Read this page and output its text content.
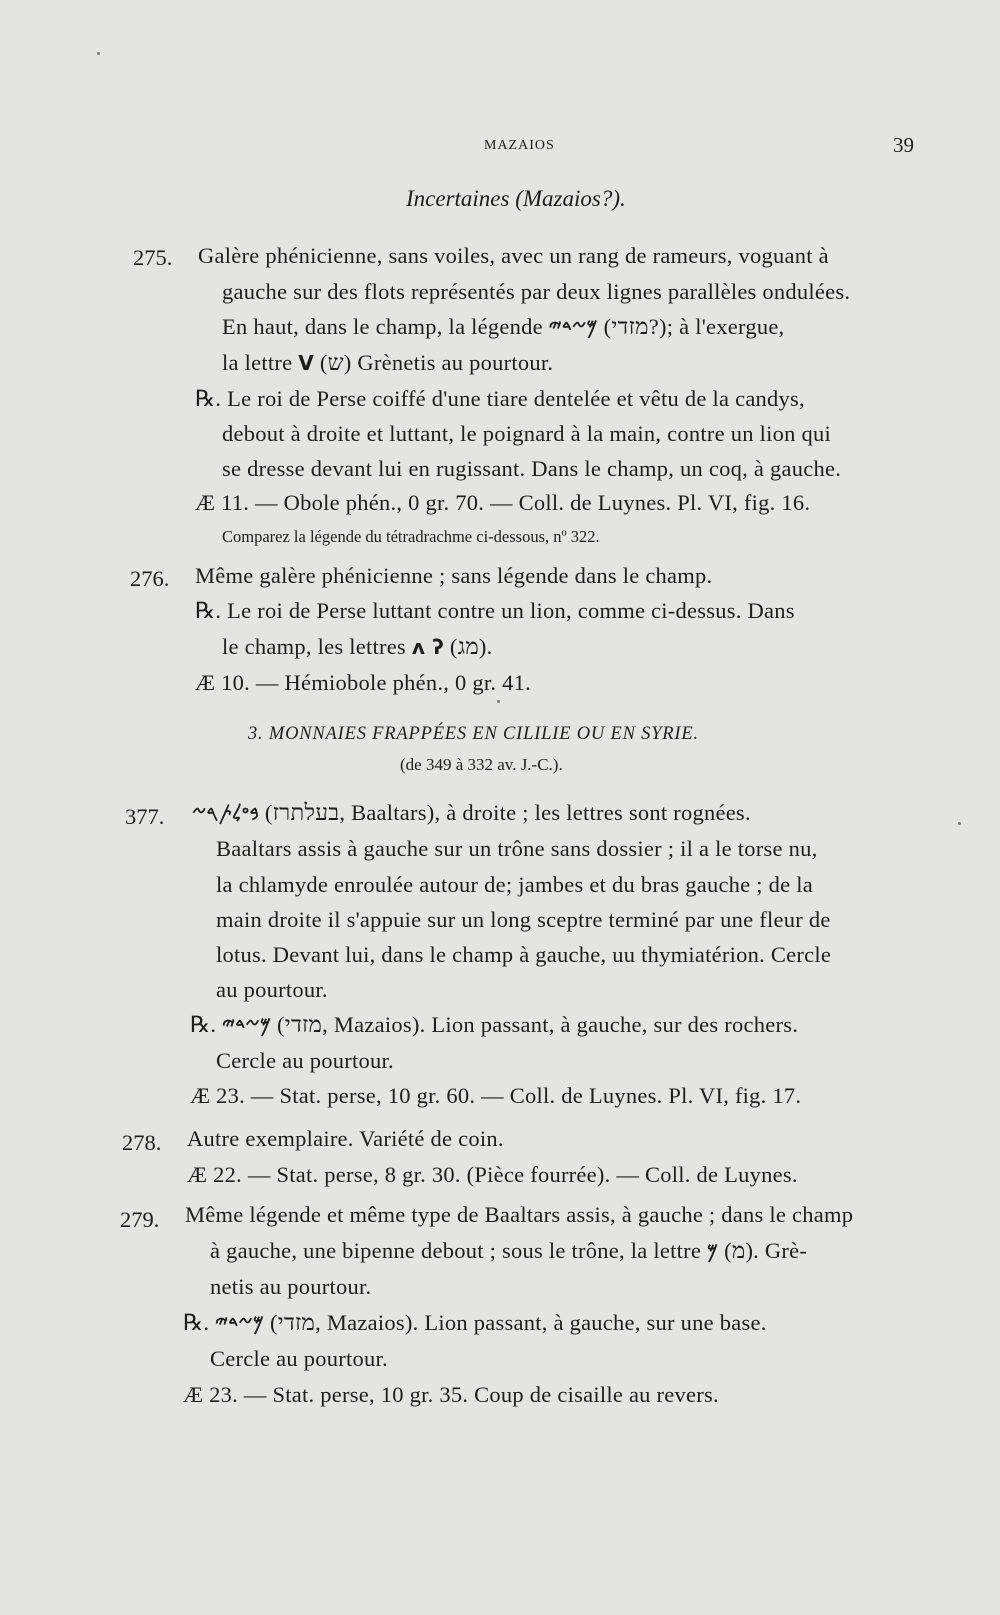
MAZAIOS	39
Incertaines (Mazaios?).
275. Galère phénicienne, sans voiles, avec un rang de rameurs, voguant à
gauche sur des flots représentés par deux lignes parallèles ondulées.
En haut, dans le champ, la légende 𐤌𐤆𐤃𐤉 (מזדי?); à l'exergue,
la lettre V (ש) Grènetis au pourtour.
℞. Le roi de Perse coiffé d'une tiare dentelée et vêtu de la candys,
debout à droite et luttant, le poignard à la main, contre un lion qui
se dresse devant lui en rugissant. Dans le champ, un coq, à gauche.
Æ 11. — Obole phén., 0 gr. 70. — Coll. de Luynes. Pl. VI, fig. 16.
Comparez la légende du tétradrachme ci-dessous, nº 322.
276. Même galère phénicienne ; sans légende dans le champ.
℞. Le roi de Perse luttant contre un lion, comme ci-dessus. Dans
le champ, les lettres ʌ ʔ (מג).
Æ 10. — Hémiobole phén., 0 gr. 41.
3. MONNAIES FRAPPÉES EN CILILIE OU EN SYRIE.
(de 349 à 332 av. J.-C.).
377. 𐤁𐤏𐤋𐤕𐤓𐤆 (בעלתרז, Baaltars), à droite ; les lettres sont rognées.
Baaltars assis à gauche sur un trône sans dossier ; il a le torse nu,
la chlamyde enroulée autour de; jambes et du bras gauche ; de la
main droite il s'appuie sur un long sceptre terminé par une fleur de
lotus. Devant lui, dans le champ à gauche, uu thymiatérion. Cercle
au pourtour.
℞. 𐤌𐤆𐤃𐤉 (מזדי, Mazaios). Lion passant, à gauche, sur des rochers.
Cercle au pourtour.
Æ 23. — Stat. perse, 10 gr. 60. — Coll. de Luynes. Pl. VI, fig. 17.
278. Autre exemplaire. Variété de coin.
Æ 22. — Stat. perse, 8 gr. 30. (Pièce fourrée). — Coll. de Luynes.
279. Même légende et même type de Baaltars assis, à gauche ; dans le champ
à gauche, une bipenne debout ; sous le trône, la lettre 𐤌 (מ). Grè-
netis au pourtour.
℞. 𐤌𐤆𐤃𐤉 (מזדי, Mazaios). Lion passant, à gauche, sur une base.
Cercle au pourtour.
Æ 23. — Stat. perse, 10 gr. 35. Coup de cisaille au revers.
